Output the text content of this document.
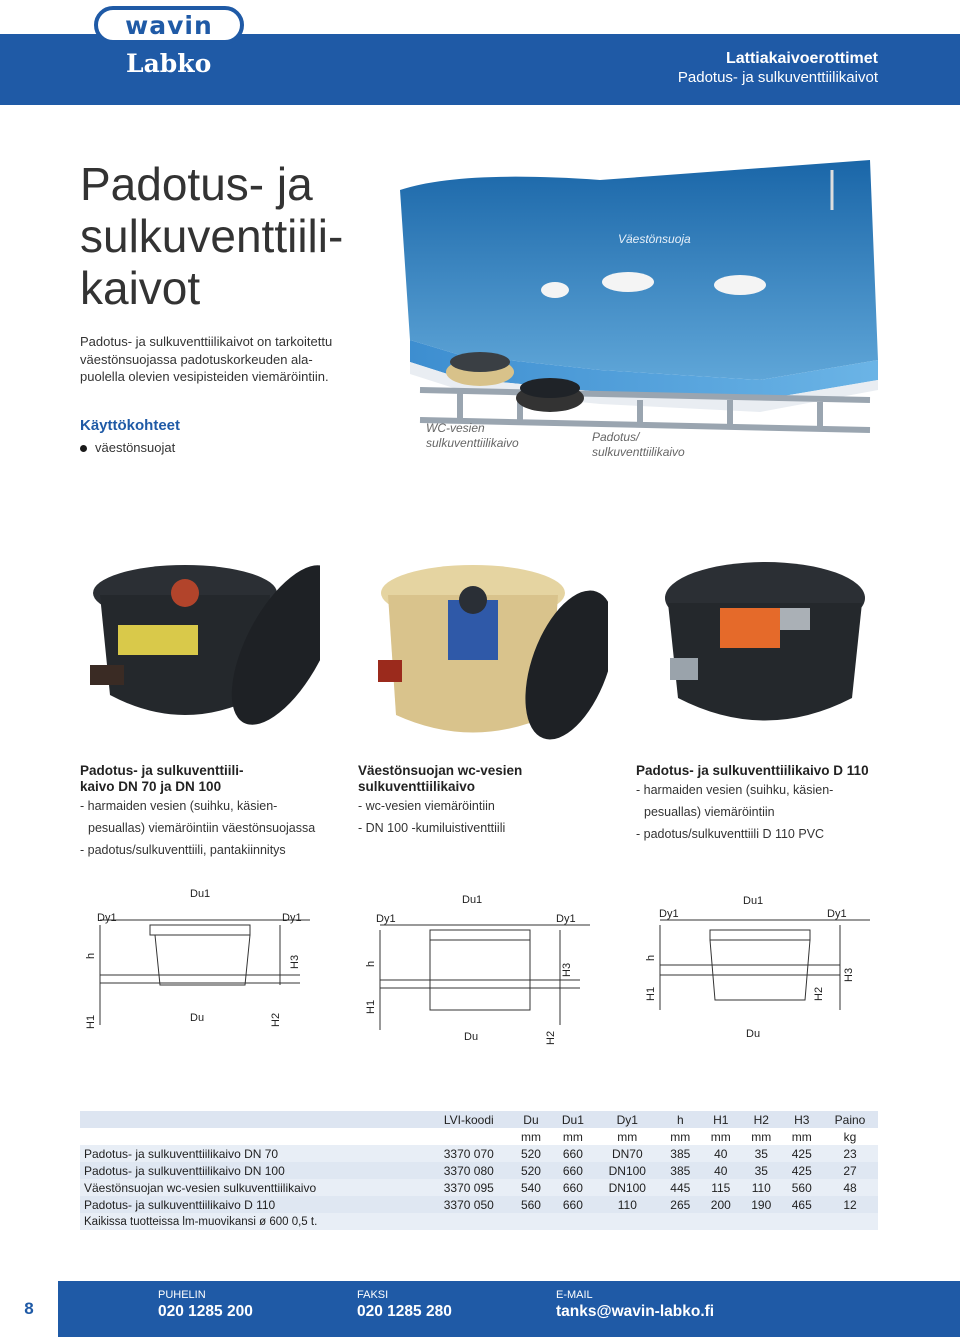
wavin
Labko	Lattiakaivoerottimet
Padotus- ja sulkuventtiilikaivot
Padotus- ja
sulkuventtiili-
kaivot
Padotus- ja sulkuventtiilikaivot on tarkoitettu
väestönsuojassa padotuskorkeuden ala-
puolella olevien vesipisteiden viemäröintiin.
Käyttökohteet
väestönsuojat
Väestönsuoja
WC-vesien
sulkuventtiilikaivo	Padotus/
sulkuventtiilikaivo
Padotus- ja sulkuventtiili-
kaivo DN 70 ja DN 100
- harmaiden vesien (suihku, käsien-
pesuallas) viemäröintiin väestönsuojassa
- padotus/sulkuventtiili, pantakiinnitys
Väestönsuojan wc-vesien
sulkuventtiilikaivo
- wc-vesien viemäröintiin
- DN 100 -kumiluistiventtiili
Padotus- ja sulkuventtiilikaivo D 110
- harmaiden vesien (suihku, käsien-
pesuallas) viemäröintiin
- padotus/sulkuventtiili D 110 PVC
Du1
Dy1	Dy1
h
H1	Du	H2
H3
Du1
Dy1	Dy1
h
H1
Du	H2
H3
Du1
Dy1	Dy1
h
H1
Du
H2
H3
	LVI-koodi	Du	Du1	Dy1	h	H1	H2	H3	Paino
		mm	mm	mm	mm	mm	mm	mm	kg
Padotus- ja sulkuventtiilikaivo DN 70	3370 070	520	660	DN70	385	40	35	425	23
Padotus- ja sulkuventtiilikaivo DN 100	3370 080	520	660	DN100	385	40	35	425	27
Väestönsuojan wc-vesien sulkuventtiilikaivo	3370 095	540	660	DN100	445	115	110	560	48
Padotus- ja sulkuventtiilikaivo D 110	3370 050	560	660	110	265	200	190	465	12
Kaikissa tuotteissa lm-muovikansi ø 600 0,5 t.									
8
PUHELIN
020 1285 200
FAKSI
020 1285 280
E-MAIL
tanks@wavin-labko.fi
